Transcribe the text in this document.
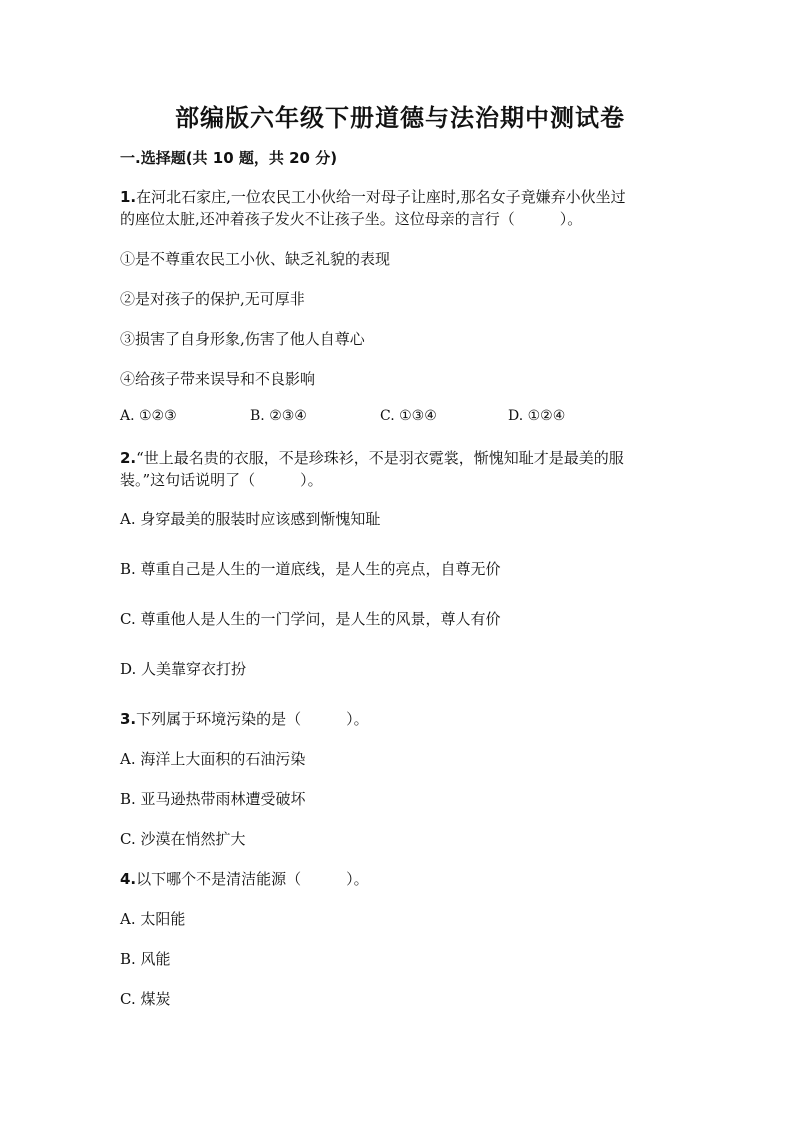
部编版六年级下册道德与法治期中测试卷
一.选择题(共 10 题，共 20 分)
1.在河北石家庄,一位农民工小伙给一对母子让座时,那名女子竟嫌弃小伙坐过
的座位太脏,还冲着孩子发火不让孩子坐。这位母亲的言行（　　　）。
①是不尊重农民工小伙、缺乏礼貌的表现
②是对孩子的保护,无可厚非
③损害了自身形象,伤害了他人自尊心
④给孩子带来误导和不良影响
A. ①②③	B. ②③④	C. ①③④	D. ①②④
2.“世上最名贵的衣服，不是珍珠衫，不是羽衣霓裳，惭愧知耻才是最美的服
装。”这句话说明了（　　　）。
A. 身穿最美的服装时应该感到惭愧知耻
B. 尊重自己是人生的一道底线，是人生的亮点，自尊无价
C. 尊重他人是人生的一门学问，是人生的风景，尊人有价
D. 人美靠穿衣打扮
3.下列属于环境污染的是（　　　）。
A. 海洋上大面积的石油污染
B. 亚马逊热带雨林遭受破坏
C. 沙漠在悄然扩大
4.以下哪个不是清洁能源（　　　）。
A. 太阳能
B. 风能
C. 煤炭
